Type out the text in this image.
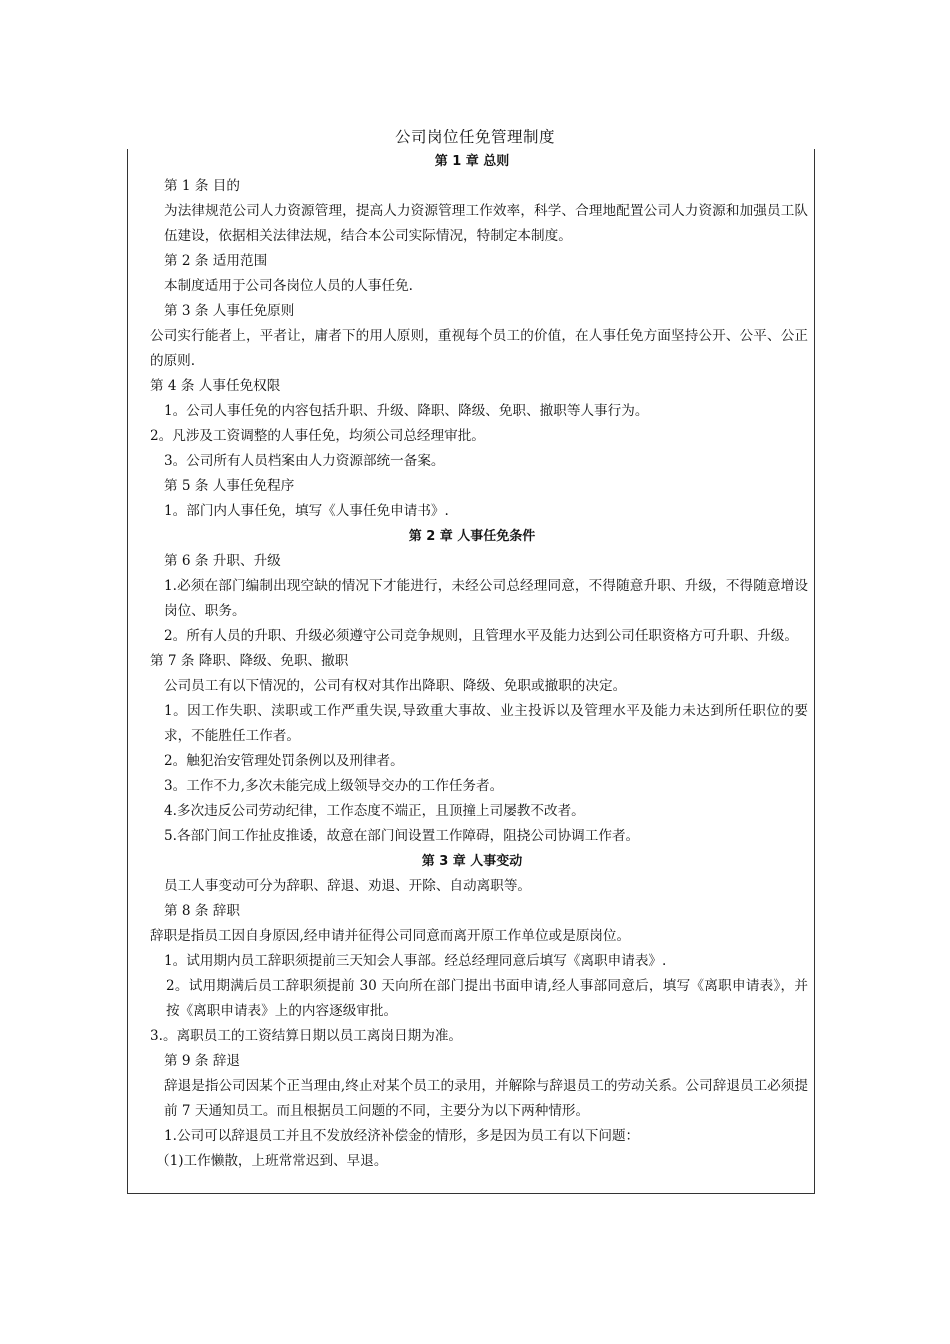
公司岗位任免管理制度
第 1 章 总则
第 1 条 目的
为法律规范公司人力资源管理，提高人力资源管理工作效率，科学、合理地配置公司人力资源和加强员工队伍建设，依据相关法律法规，结合本公司实际情况，特制定本制度。
第 2 条 适用范围
本制度适用于公司各岗位人员的人事任免.
第 3 条 人事任免原则
公司实行能者上，平者让，庸者下的用人原则，重视每个员工的价值，在人事任免方面坚持公开、公平、公正的原则.
第 4 条 人事任免权限
1。公司人事任免的内容包括升职、升级、降职、降级、免职、撤职等人事行为。
2。凡涉及工资调整的人事任免，均须公司总经理审批。
3。公司所有人员档案由人力资源部统一备案。
第 5 条 人事任免程序
1。部门内人事任免，填写《人事任免申请书》.
第 2 章 人事任免条件
第 6 条 升职、升级
1.必须在部门编制出现空缺的情况下才能进行，未经公司总经理同意，不得随意升职、升级，不得随意增设岗位、职务。
2。所有人员的升职、升级必须遵守公司竞争规则，且管理水平及能力达到公司任职资格方可升职、升级。
第 7 条 降职、降级、免职、撤职
公司员工有以下情况的，公司有权对其作出降职、降级、免职或撤职的决定。
1。因工作失职、渎职或工作严重失误,导致重大事故、业主投诉以及管理水平及能力未达到所任职位的要求，不能胜任工作者。
2。触犯治安管理处罚条例以及刑律者。
3。工作不力,多次未能完成上级领导交办的工作任务者。
4.多次违反公司劳动纪律，工作态度不端正，且顶撞上司屡教不改者。
5.各部门间工作扯皮推诿，故意在部门间设置工作障碍，阻挠公司协调工作者。
第 3 章 人事变动
员工人事变动可分为辞职、辞退、劝退、开除、自动离职等。
第 8 条 辞职
辞职是指员工因自身原因,经申请并征得公司同意而离开原工作单位或是原岗位。
1。试用期内员工辞职须提前三天知会人事部。经总经理同意后填写《离职申请表》.
2。试用期满后员工辞职须提前 30 天向所在部门提出书面申请,经人事部同意后，填写《离职申请表》，并按《离职申请表》上的内容逐级审批。
3.。离职员工的工资结算日期以员工离岗日期为准。
第 9 条 辞退
辞退是指公司因某个正当理由,终止对某个员工的录用，并解除与辞退员工的劳动关系。公司辞退员工必须提前 7 天通知员工。而且根据员工问题的不同，主要分为以下两种情形。
1.公司可以辞退员工并且不发放经济补偿金的情形，多是因为员工有以下问题：
（1)工作懒散，上班常常迟到、早退。
